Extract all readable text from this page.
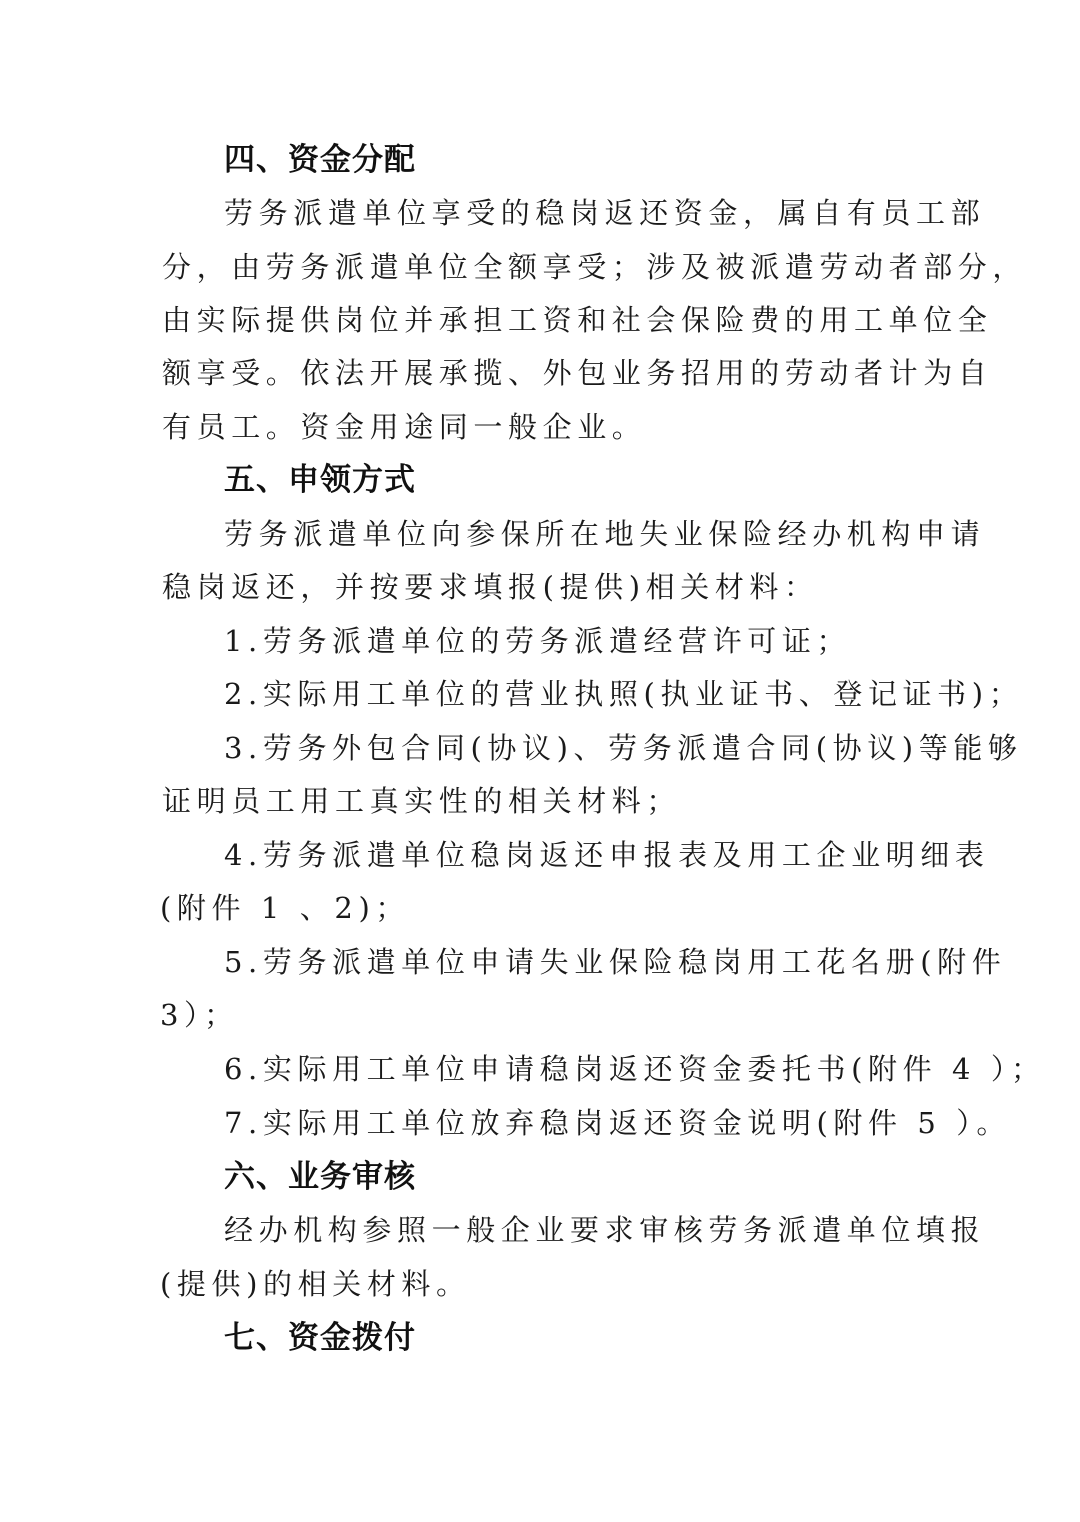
四、资金分配
劳务派遣单位享受的稳岗返还资金，属自有员工部
分，由劳务派遣单位全额享受；涉及被派遣劳动者部分，
由实际提供岗位并承担工资和社会保险费的用工单位全
额享受。依法开展承揽、外包业务招用的劳动者计为自
有员工。资金用途同一般企业。
五、申领方式
劳务派遣单位向参保所在地失业保险经办机构申请
稳岗返还，并按要求填报(提供)相关材料：
1.劳务派遣单位的劳务派遣经营许可证；
2.实际用工单位的营业执照(执业证书、登记证书)；
3.劳务外包合同(协议)、劳务派遣合同(协议)等能够
证明员工用工真实性的相关材料；
4.劳务派遣单位稳岗返还申报表及用工企业明细表
(附件 1 、2)；
5.劳务派遣单位申请失业保险稳岗用工花名册(附件
3）；
6.实际用工单位申请稳岗返还资金委托书(附件 4 ）；
7.实际用工单位放弃稳岗返还资金说明(附件 5 ）。
六、业务审核
经办机构参照一般企业要求审核劳务派遣单位填报
(提供)的相关材料。
七、资金拨付
